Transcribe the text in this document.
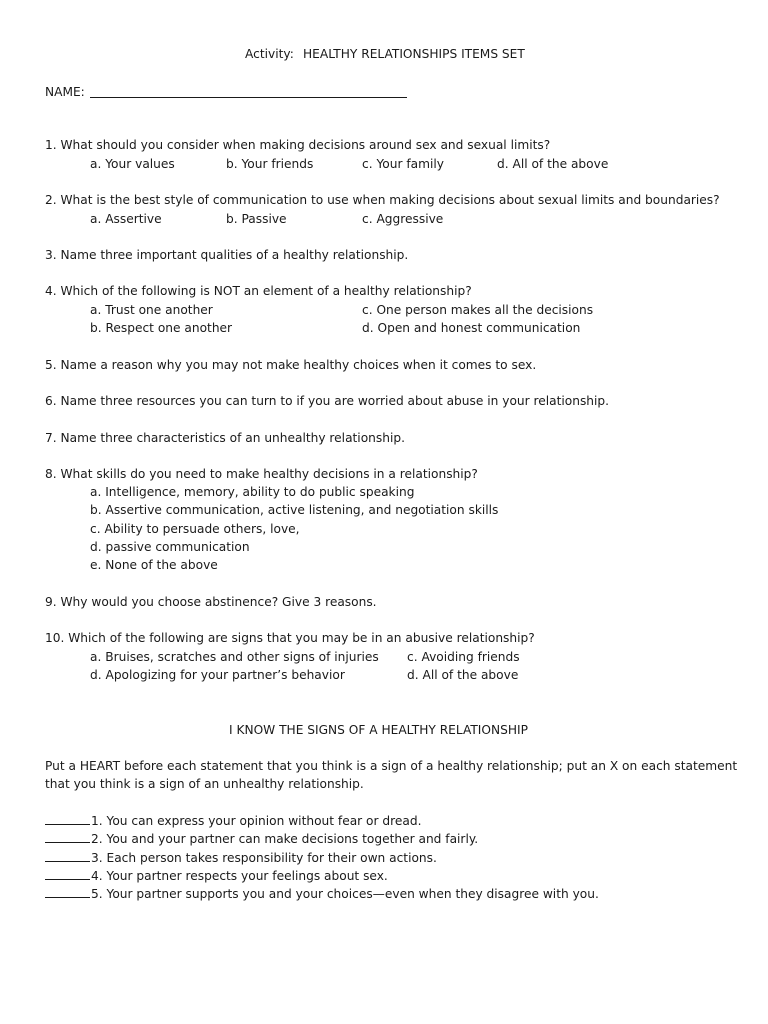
Activity: HEALTHY RELATIONSHIPS ITEMS SET
NAME:
1. What should you consider when making decisions around sex and sexual limits?
a. Your values	b. Your friends	c. Your family	d. All of the above
2. What is the best style of communication to use when making decisions about sexual limits and boundaries?
a. Assertive	b. Passive	c. Aggressive
3. Name three important qualities of a healthy relationship.
4. Which of the following is NOT an element of a healthy relationship?
a. Trust one another	c. One person makes all the decisions
b. Respect one another	d. Open and honest communication
5. Name a reason why you may not make healthy choices when it comes to sex.
6. Name three resources you can turn to if you are worried about abuse in your relationship.
7. Name three characteristics of an unhealthy relationship.
8. What skills do you need to make healthy decisions in a relationship?
a. Intelligence, memory, ability to do public speaking
b. Assertive communication, active listening, and negotiation skills
c. Ability to persuade others, love,
d. passive communication
e. None of the above
9. Why would you choose abstinence? Give 3 reasons.
10. Which of the following are signs that you may be in an abusive relationship?
a. Bruises, scratches and other signs of injuries c. Avoiding friends
d. Apologizing for your partner’s behavior	d. All of the above
I KNOW THE SIGNS OF A HEALTHY RELATIONSHIP
Put a HEART before each statement that you think is a sign of a healthy relationship; put an X on each statement
that you think is a sign of an unhealthy relationship.
1. You can express your opinion without fear or dread.
2. You and your partner can make decisions together and fairly.
3. Each person takes responsibility for their own actions.
4. Your partner respects your feelings about sex.
5. Your partner supports you and your choices—even when they disagree with you.
